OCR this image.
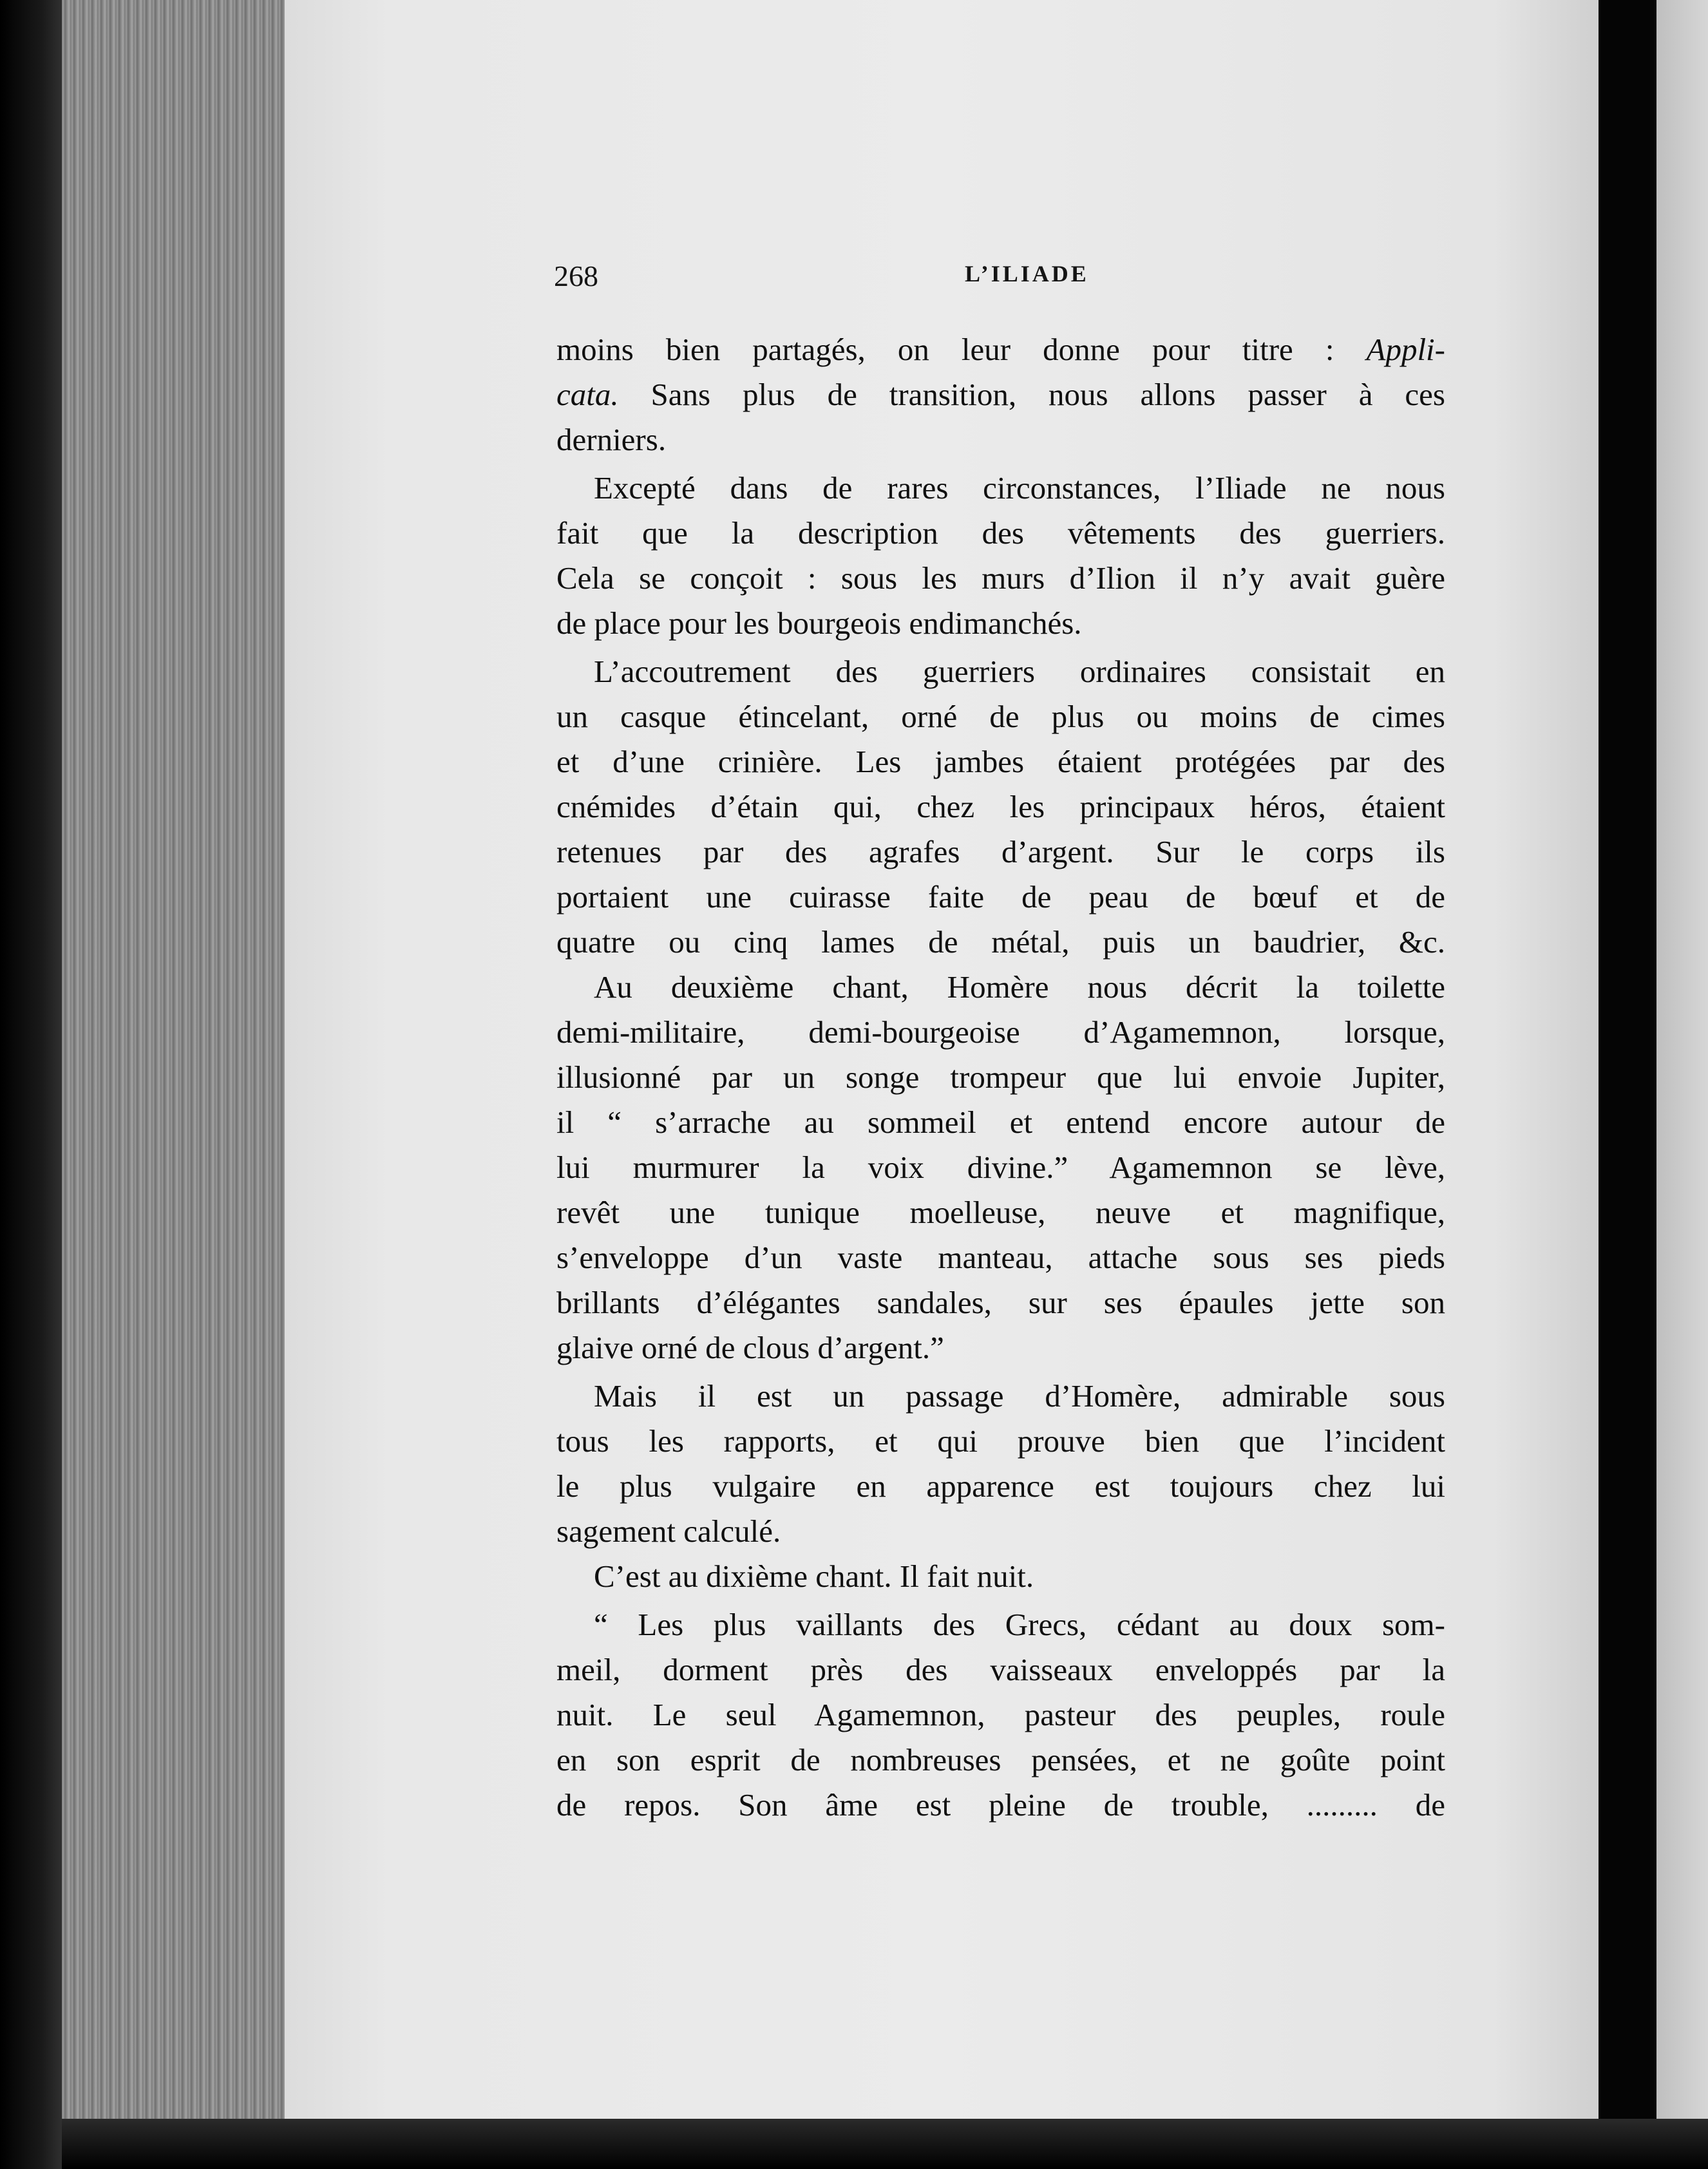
268	L’ILIADE
moins bien partagés, on leur donne pour titre : Appli-
cata. Sans plus de transition, nous allons passer à ces
derniers.
Excepté dans de rares circonstances, l’Iliade ne nous
fait que la description des vêtements des guerriers.
Cela se conçoit : sous les murs d’Ilion il n’y avait guère
de place pour les bourgeois endimanchés.
L’accoutrement des guerriers ordinaires consistait en
un casque étincelant, orné de plus ou moins de cimes
et d’une crinière. Les jambes étaient protégées par des
cnémides d’étain qui, chez les principaux héros, étaient
retenues par des agrafes d’argent. Sur le corps ils
portaient une cuirasse faite de peau de bœuf et de
quatre ou cinq lames de métal, puis un baudrier, &c.
Au deuxième chant, Homère nous décrit la toilette
demi-militaire, demi-bourgeoise d’Agamemnon, lorsque,
illusionné par un songe trompeur que lui envoie Jupiter,
il “ s’arrache au sommeil et entend encore autour de
lui murmurer la voix divine.” Agamemnon se lève,
revêt une tunique moelleuse, neuve et magnifique,
s’enveloppe d’un vaste manteau, attache sous ses pieds
brillants d’élégantes sandales, sur ses épaules jette son
glaive orné de clous d’argent.”
Mais il est un passage d’Homère, admirable sous
tous les rapports, et qui prouve bien que l’incident
le plus vulgaire en apparence est toujours chez lui
sagement calculé.
C’est au dixième chant. Il fait nuit.
“ Les plus vaillants des Grecs, cédant au doux som-
meil, dorment près des vaisseaux enveloppés par la
nuit. Le seul Agamemnon, pasteur des peuples, roule
en son esprit de nombreuses pensées, et ne goûte point
de repos. Son âme est pleine de trouble, ......... de
